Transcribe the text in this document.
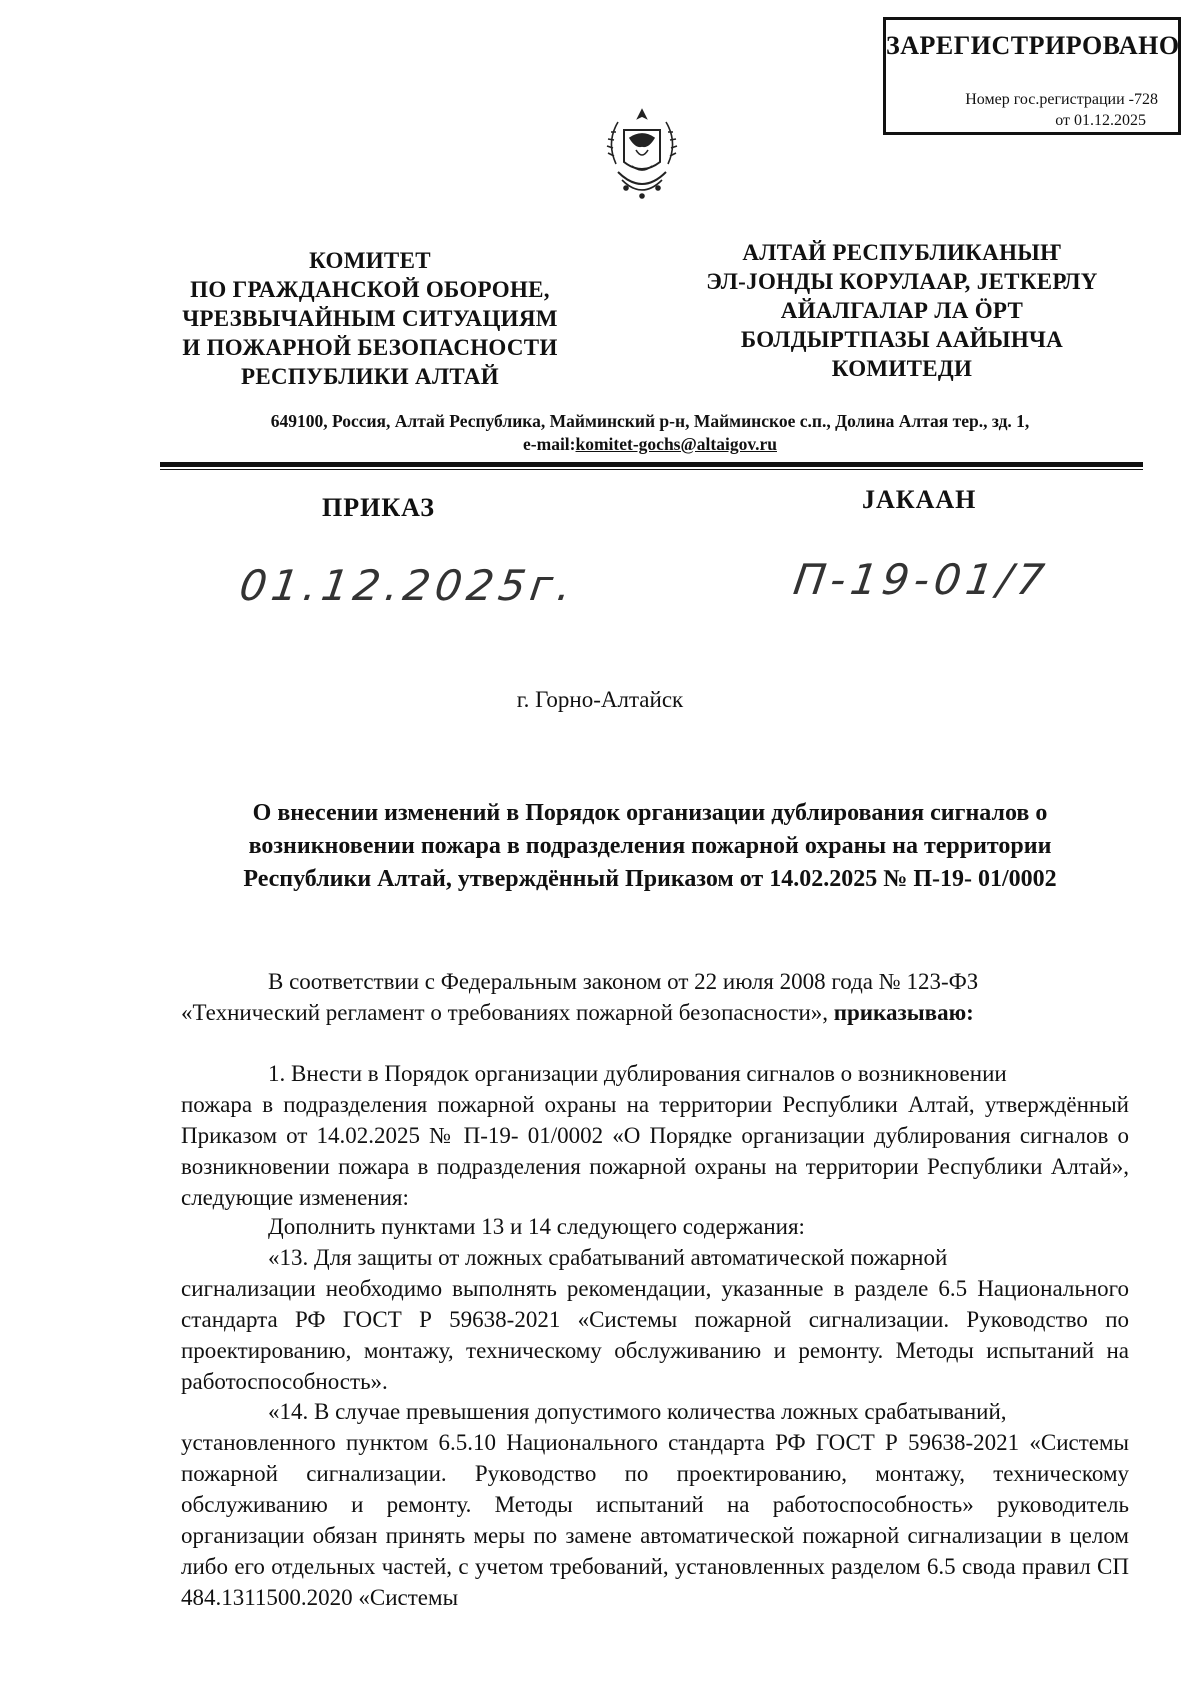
ЗАРЕГИСТРИРОВАНО
Номер гос.регистрации -728
от 01.12.2025
КОМИТЕТ
ПО ГРАЖДАНСКОЙ ОБОРОНЕ,
ЧРЕЗВЫЧАЙНЫМ СИТУАЦИЯМ
И ПОЖАРНОЙ БЕЗОПАСНОСТИ
РЕСПУБЛИКИ АЛТАЙ
АЛТАЙ РЕСПУБЛИКАНЫҤ
ЭЛ-JОНДЫ КОРУЛААР, JЕТКЕРЛҮ
АЙАЛГАЛАР ЛА ӦРТ
БОЛДЫРТПАЗЫ ААЙЫНЧА
КОМИТЕДИ
649100, Россия, Алтай Республика, Майминский р-н, Майминское с.п., Долина Алтая тер., зд. 1,
e-mail:komitet-gochs@altaigov.ru
ПРИКАЗ	JАКААН
01.12.2025г.	П-19-01/7
г. Горно-Алтайск
О внесении изменений в Порядок организации дублирования сигналов о
возникновении пожара в подразделения пожарной охраны на территории
Республики Алтай, утверждённый Приказом от 14.02.2025 № П-19- 01/0002
В соответствии с Федеральным законом от 22 июля 2008 года № 123-ФЗ
«Технический регламент о требованиях пожарной безопасности», приказываю:
1. Внести в Порядок организации дублирования сигналов о возникновении
пожара в подразделения пожарной охраны на территории Республики Алтай, утверждённый Приказом от 14.02.2025 № П-19- 01/0002 «О Порядке организации дублирования сигналов о возникновении пожара в подразделения пожарной охраны на территории Республики Алтай», следующие изменения:
Дополнить пунктами 13 и 14 следующего содержания:
«13. Для защиты от ложных срабатываний автоматической пожарной
сигнализации необходимо выполнять рекомендации, указанные в разделе 6.5 Национального стандарта РФ ГОСТ Р 59638-2021 «Системы пожарной сигнализации. Руководство по проектированию, монтажу, техническому обслуживанию и ремонту. Методы испытаний на работоспособность».
«14. В случае превышения допустимого количества ложных срабатываний,
установленного пунктом 6.5.10 Национального стандарта РФ ГОСТ Р 59638-2021 «Системы пожарной сигнализации. Руководство по проектированию, монтажу, техническому обслуживанию и ремонту. Методы испытаний на работоспособность» руководитель организации обязан принять меры по замене автоматической пожарной сигнализации в целом либо его отдельных частей, с учетом требований, установленных разделом 6.5 свода правил СП 484.1311500.2020 «Системы
